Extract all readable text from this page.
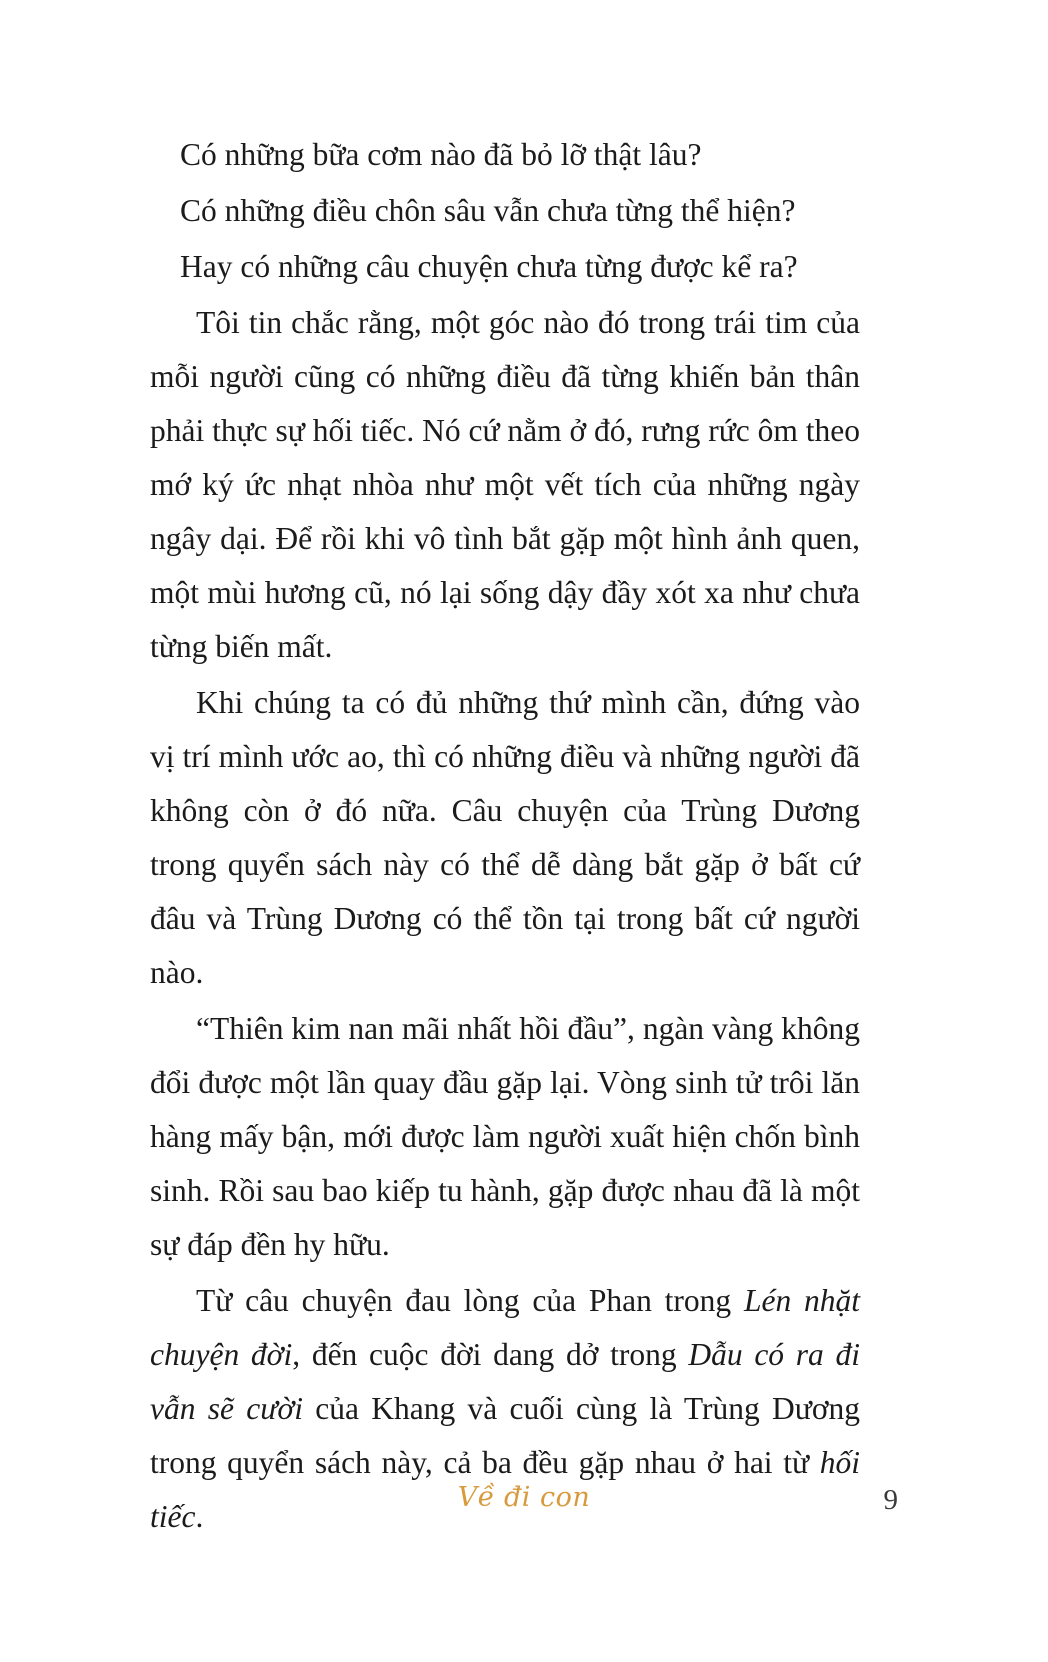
Có những bữa cơm nào đã bỏ lỡ thật lâu?

Có những điều chôn sâu vẫn chưa từng thể hiện?

Hay có những câu chuyện chưa từng được kể ra?

Tôi tin chắc rằng, một góc nào đó trong trái tim của mỗi người cũng có những điều đã từng khiến bản thân phải thực sự hối tiếc. Nó cứ nằm ở đó, rưng rức ôm theo mớ ký ức nhạt nhòa như một vết tích của những ngày ngây dại. Để rồi khi vô tình bắt gặp một hình ảnh quen, một mùi hương cũ, nó lại sống dậy đầy xót xa như chưa từng biến mất.

Khi chúng ta có đủ những thứ mình cần, đứng vào vị trí mình ước ao, thì có những điều và những người đã không còn ở đó nữa. Câu chuyện của Trùng Dương trong quyển sách này có thể dễ dàng bắt gặp ở bất cứ đâu và Trùng Dương có thể tồn tại trong bất cứ người nào.

“Thiên kim nan mãi nhất hồi đầu”, ngàn vàng không đổi được một lần quay đầu gặp lại. Vòng sinh tử trôi lăn hàng mấy bận, mới được làm người xuất hiện chốn bình sinh. Rồi sau bao kiếp tu hành, gặp được nhau đã là một sự đáp đền hy hữu.

Từ câu chuyện đau lòng của Phan trong Lén nhặt chuyện đời, đến cuộc đời dang dở trong Dẫu có ra đi vẫn sẽ cười của Khang và cuối cùng là Trùng Dương trong quyển sách này, cả ba đều gặp nhau ở hai từ hối tiếc.

Về đi con	9
